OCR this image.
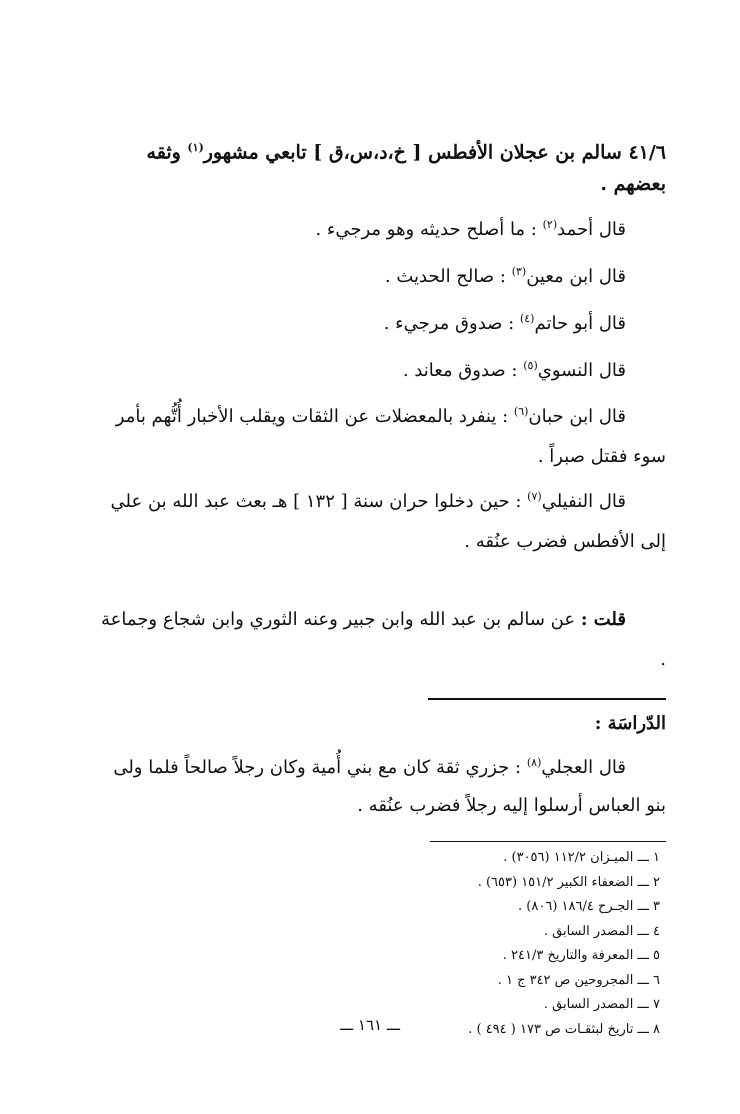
٤١/٦ سالم بن عجلان الأفطس [ خ،د،س،ق ] تابعي مشهور$^{(١)}$ وثقه
بعضهم .

قال أحمد$^{(٢)}$ : ما أصلح حديثه وهو مرجيء .

قال ابن معين$^{(٣)}$ : صالح الحديث .

قال أبو حاتم$^{(٤)}$ : صدوق مرجيء .

قال النسوي$^{(٥)}$ : صدوق معاند .

قال ابن حبان$^{(٦)}$ : ينفرد بالمعضلات عن الثقات ويقلب الأخبار أُتُّهم بأمر سوء فقتل صبراً .

قال النفيلي$^{(٧)}$ : حين دخلوا حران سنة [ ١٣٢ ] هـ بعث عبد الله بن علي إلى الأفطس فضرب عنُقه .

قلت : عن سالم بن عبد الله وابن جبير وعنه الثوري وابن شجاع وجماعة .

الدّراسَة :

قال العجلي$^{(٨)}$ : جزري ثقة كان مع بني أُمية وكان رجلاً صالحاً فلما ولى بنو العباس أرسلوا إليه رجلاً فضرب عنُقه .

١ ـــ الميـزان ١١٢/٢ (٣٠٥٦) .
٢ ـــ الضعفاء الكبير ١٥١/٢ (٦٥٣) .
٣ ـــ الجـرح ١٨٦/٤ (٨٠٦) .
٤ ـــ المصدر السابق .
٥ ـــ المعرفة والتاريخ ٢٤١/٣ .
٦ ـــ المجروحين ص ٣٤٢ ج ١ .
٧ ـــ المصدر السابق .
٨ ـــ تاريخ لبثقـات ص ١٧٣ ( ٤٩٤ ) .
ـــ ١٦١ ـــ
